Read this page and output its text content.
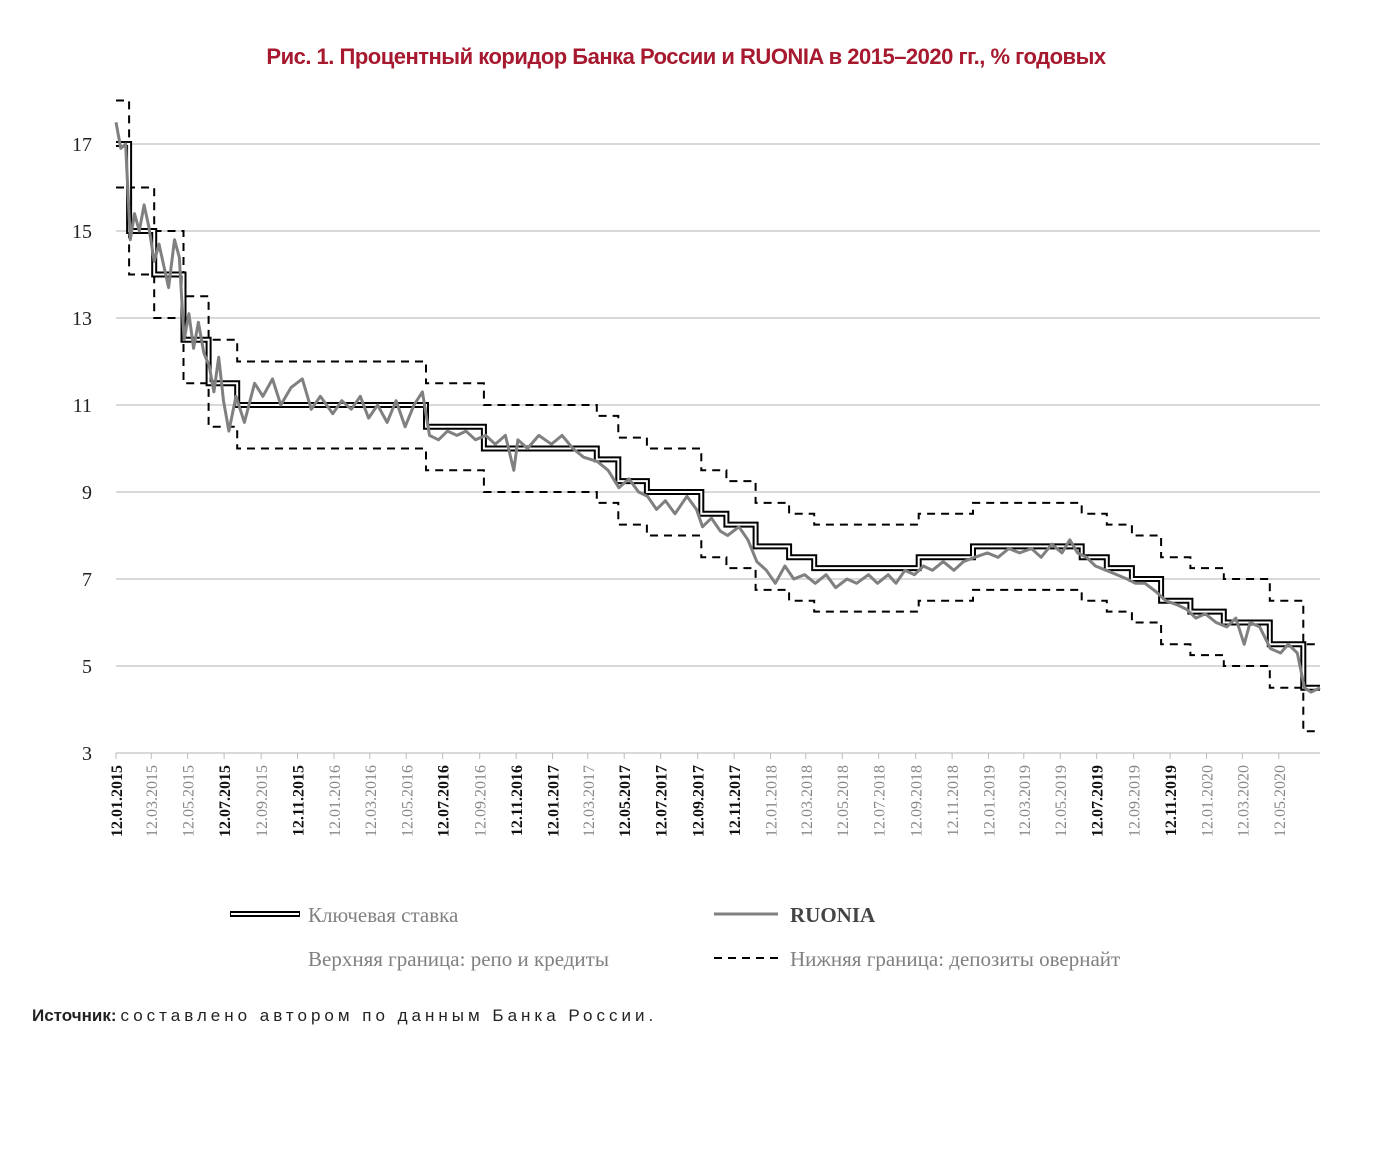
Рис. 1. Процентный коридор Банка России и RUONIA в 2015–2020 гг., % годовых
3
5
7
9
11
13
15
17
12.01.2015 12.03.2015 12.05.2015 12.07.2015 12.09.2015 12.11.2015 12.01.2016 12.03.2016 12.05.2016 12.07.2016 12.09.2016 12.11.2016 12.01.2017 12.03.2017 12.05.2017 12.07.2017 12.09.2017 12.11.2017 12.01.2018 12.03.2018 12.05.2018 12.07.2018 12.09.2018 12.11.2018 12.01.2019 12.03.2019 12.05.2019 12.07.2019 12.09.2019 12.11.2019 12.01.2020 12.03.2020 12.05.2020
Ключевая ставка	RUONIA
Верхняя граница: репо и кредиты	Нижняя граница: депозиты овернайт
Источник: составлено автором по данным Банка России.
